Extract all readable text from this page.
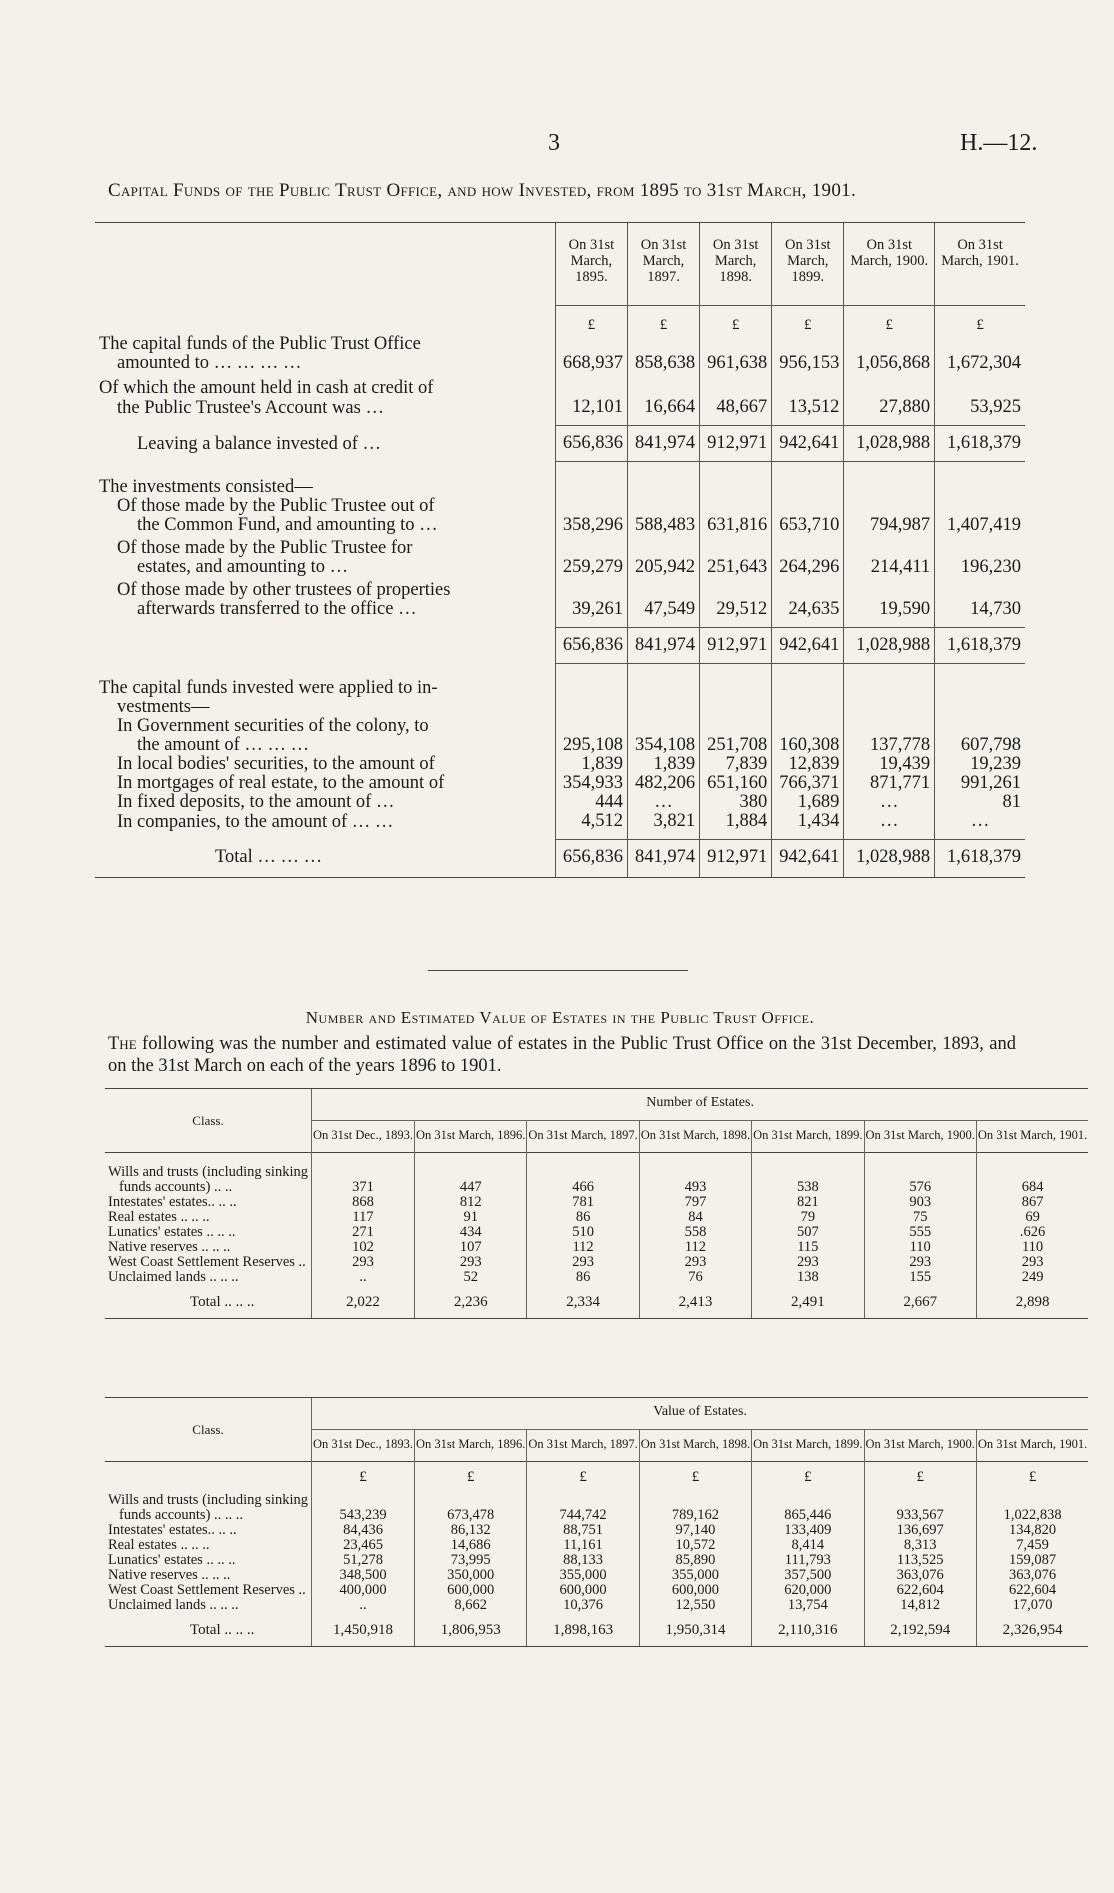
3	H.—12.
Capital Funds of the Public Trust Office, and how Invested, from 1895 to 31st March, 1901.
	On 31st March, 1895.	On 31st March, 1897.	On 31st March, 1898.	On 31st March, 1899.	On 31st March, 1900.	On 31st March, 1901.
	£	£	£	£	£	£
The capital funds of the Public Trust Office						
amounted to … … … …	668,937	858,638	961,638	956,153	1,056,868	1,672,304
Of which the amount held in cash at credit of						
the Public Trustee's Account was …	12,101	16,664	48,667	13,512	27,880	53,925
Leaving a balance invested of …	656,836	841,974	912,971	942,641	1,028,988	1,618,379
The investments consisted—						
Of those made by the Public Trustee out of						
the Common Fund, and amounting to …	358,296	588,483	631,816	653,710	794,987	1,407,419
Of those made by the Public Trustee for						
estates, and amounting to …	259,279	205,942	251,643	264,296	214,411	196,230
Of those made by other trustees of properties						
afterwards transferred to the office …	39,261	47,549	29,512	24,635	19,590	14,730
	656,836	841,974	912,971	942,641	1,028,988	1,618,379
The capital funds invested were applied to in-						
vestments—						
In Government securities of the colony, to						
the amount of … … …	295,108	354,108	251,708	160,308	137,778	607,798
In local bodies' securities, to the amount of	1,839	1,839	7,839	12,839	19,439	19,239
In mortgages of real estate, to the amount of	354,933	482,206	651,160	766,371	871,771	991,261
In fixed deposits, to the amount of …	444	…	380	1,689	…	81
In companies, to the amount of … …	4,512	3,821	1,884	1,434	…	…
Total … … …	656,836	841,974	912,971	942,641	1,028,988	1,618,379
Number and Estimated Value of Estates in the Public Trust Office.
The following was the number and estimated value of estates in the Public Trust Office on the 31st December, 1893, and on the 31st March on each of the years 1896 to 1901.
Class.	Number of Estates.						
	On 31st Dec., 1893.	On 31st March, 1896.	On 31st March, 1897.	On 31st March, 1898.	On 31st March, 1899.	On 31st March, 1900.	On 31st March, 1901.

Wills and trusts (including sinking							
funds accounts) .. ..	371	447	466	493	538	576	684
Intestates' estates.. .. ..	868	812	781	797	821	903	867
Real estates .. .. ..	117	91	86	84	79	75	69
Lunatics' estates .. .. ..	271	434	510	558	507	555	.626
Native reserves .. .. ..	102	107	112	112	115	110	110
West Coast Settlement Reserves ..	293	293	293	293	293	293	293
Unclaimed lands .. .. ..	..	52	86	76	138	155	249
Total .. .. ..	2,022	2,236	2,334	2,413	2,491	2,667	2,898
Class.	Value of Estates.						
	On 31st Dec., 1893.	On 31st March, 1896.	On 31st March, 1897.	On 31st March, 1898.	On 31st March, 1899.	On 31st March, 1900.	On 31st March, 1901.
	£	£	£	£	£	£	£
Wills and trusts (including sinking							
funds accounts) .. .. ..	543,239	673,478	744,742	789,162	865,446	933,567	1,022,838
Intestates' estates.. .. ..	84,436	86,132	88,751	97,140	133,409	136,697	134,820
Real estates .. .. ..	23,465	14,686	11,161	10,572	8,414	8,313	7,459
Lunatics' estates .. .. ..	51,278	73,995	88,133	85,890	111,793	113,525	159,087
Native reserves .. .. ..	348,500	350,000	355,000	355,000	357,500	363,076	363,076
West Coast Settlement Reserves ..	400,000	600,000	600,000	600,000	620,000	622,604	622,604
Unclaimed lands .. .. ..	..	8,662	10,376	12,550	13,754	14,812	17,070
Total .. .. ..	1,450,918	1,806,953	1,898,163	1,950,314	2,110,316	2,192,594	2,326,954
